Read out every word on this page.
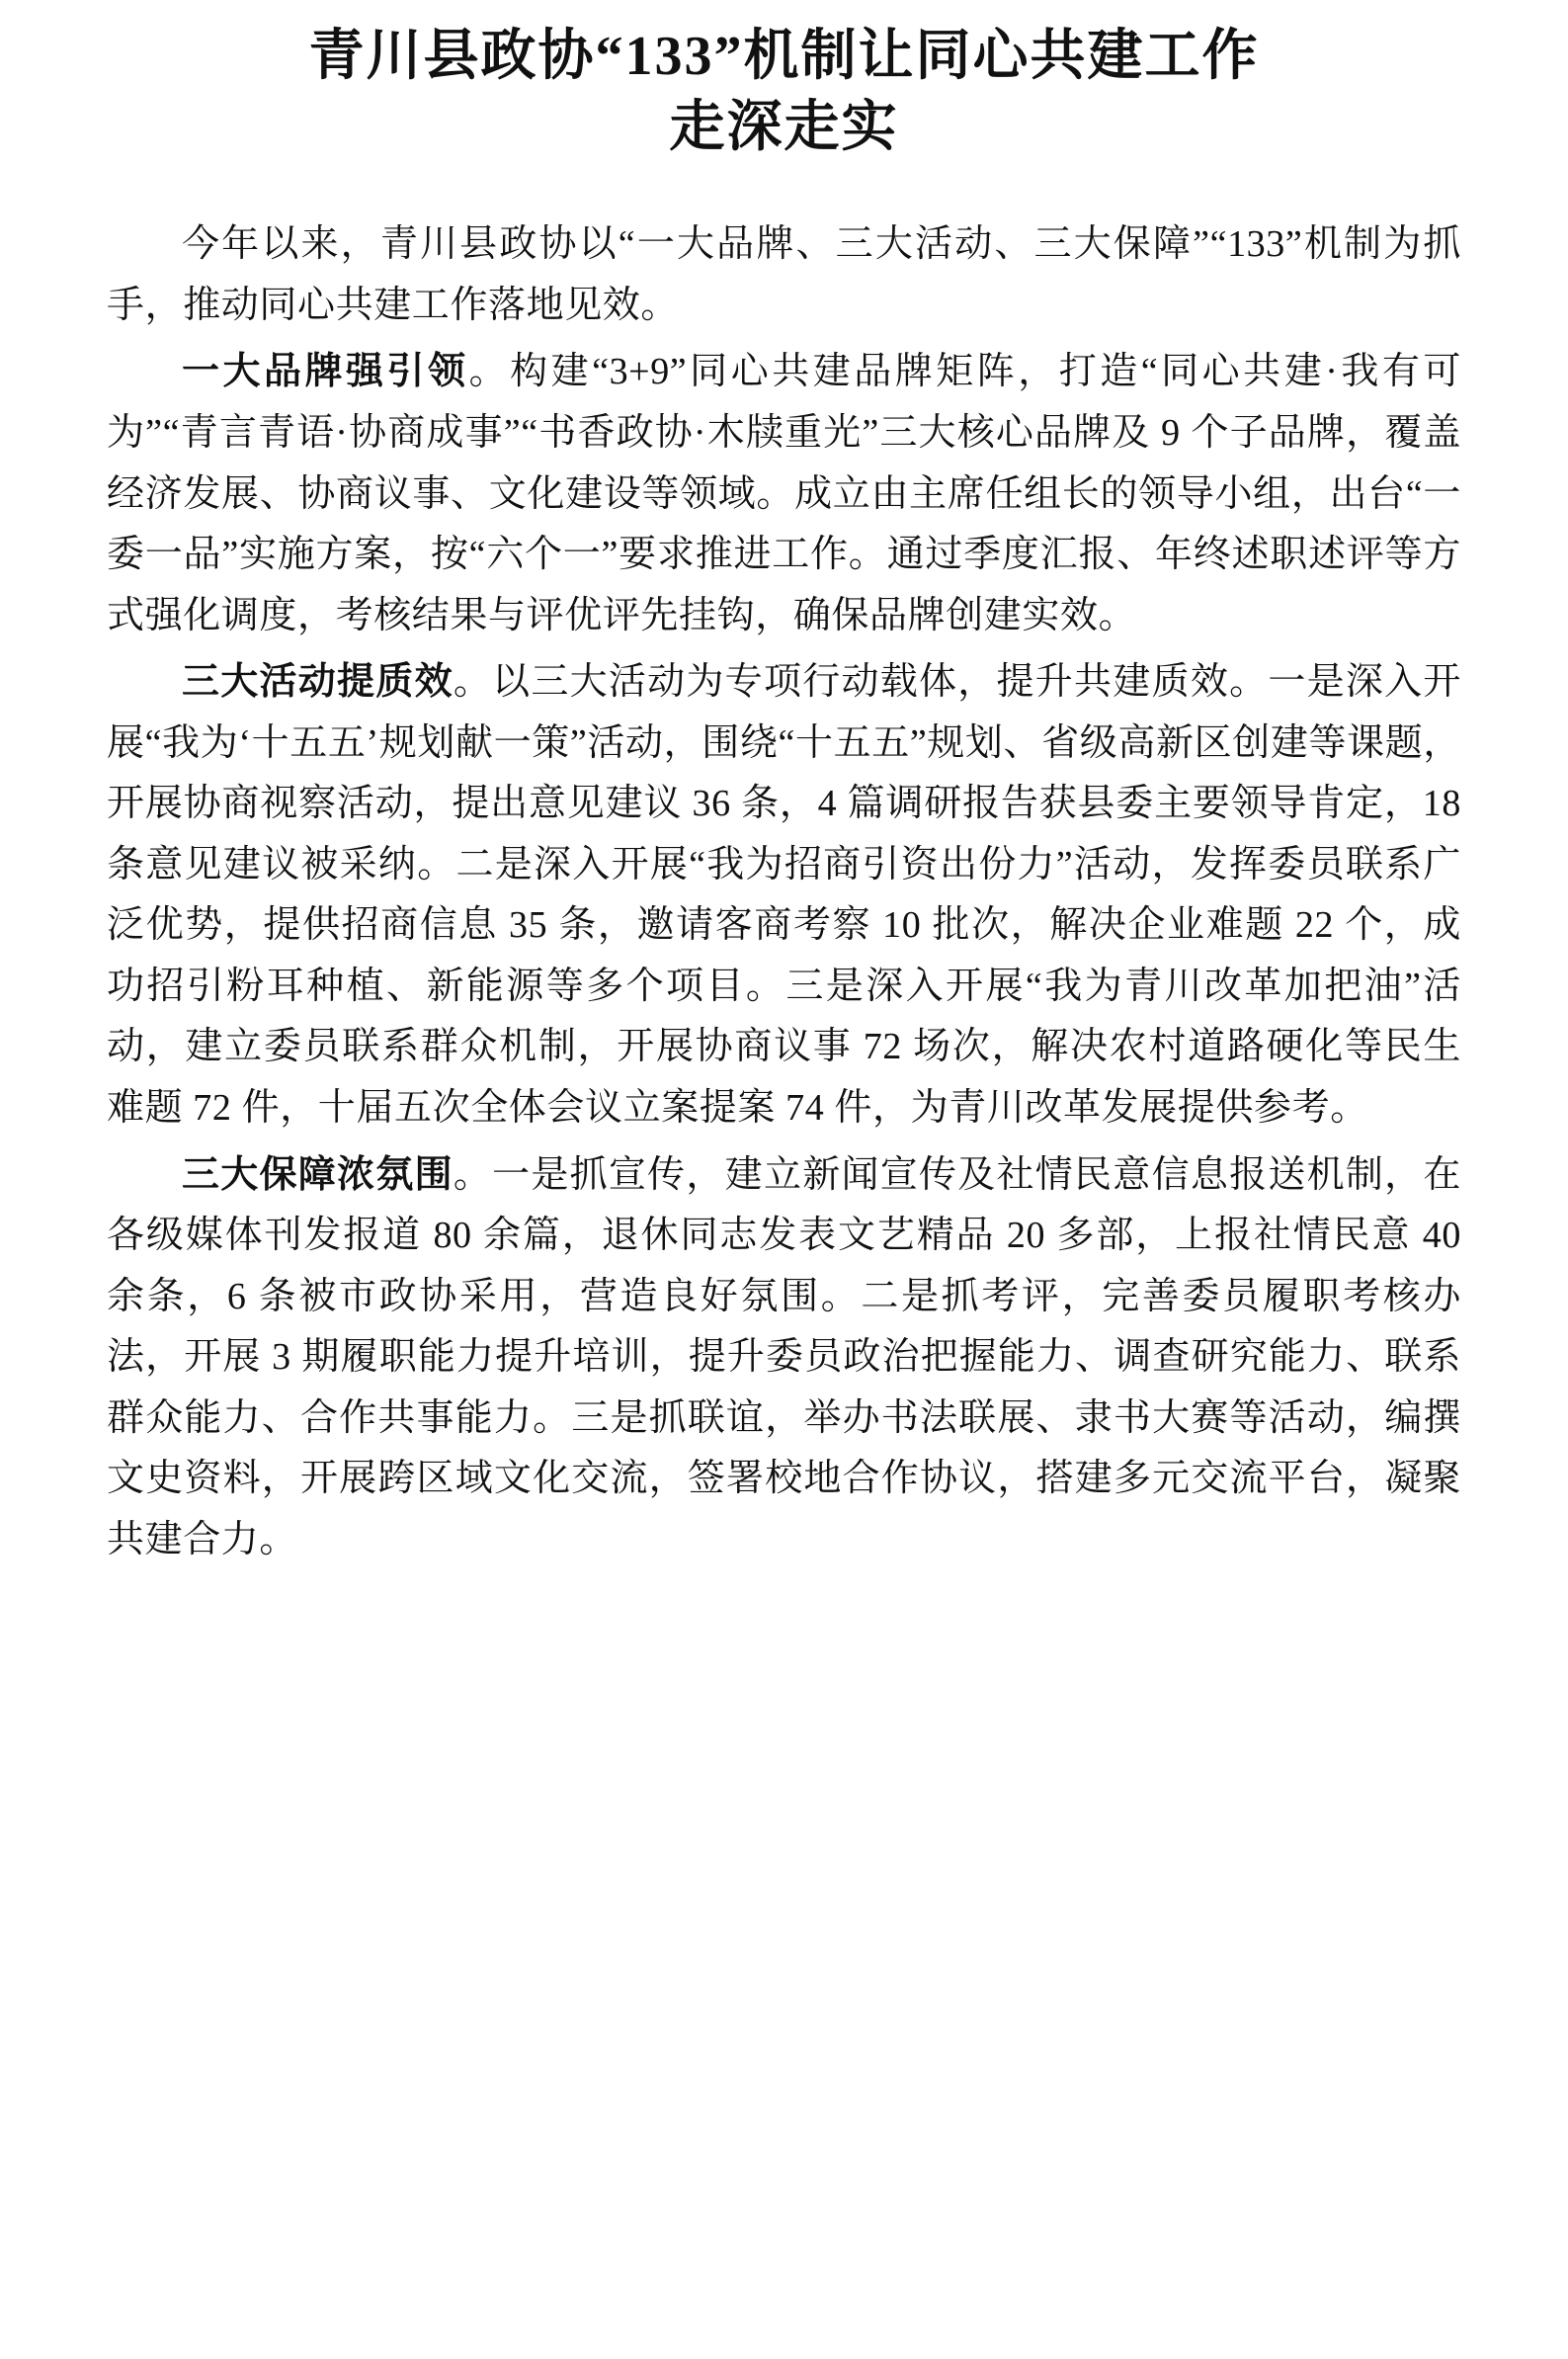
青川县政协“133”机制让同心共建工作
走深走实

今年以来，青川县政协以“一大品牌、三大活动、三大保障”“133”机制为抓手，推动同心共建工作落地见效。

一大品牌强引领。构建“3+9”同心共建品牌矩阵，打造“同心共建·我有可为”“青言青语·协商成事”“书香政协·木牍重光”三大核心品牌及 9 个子品牌，覆盖经济发展、协商议事、文化建设等领域。成立由主席任组长的领导小组，出台“一委一品”实施方案，按“六个一”要求推进工作。通过季度汇报、年终述职述评等方式强化调度，考核结果与评优评先挂钩，确保品牌创建实效。

三大活动提质效。以三大活动为专项行动载体，提升共建质效。一是深入开展“我为‘十五五’规划献一策”活动，围绕“十五五”规划、省级高新区创建等课题，开展协商视察活动，提出意见建议 36 条，4 篇调研报告获县委主要领导肯定，18 条意见建议被采纳。二是深入开展“我为招商引资出份力”活动，发挥委员联系广泛优势，提供招商信息 35 条，邀请客商考察 10 批次，解决企业难题 22 个，成功招引粉耳种植、新能源等多个项目。三是深入开展“我为青川改革加把油”活动，建立委员联系群众机制，开展协商议事 72 场次，解决农村道路硬化等民生难题 72 件，十届五次全体会议立案提案 74 件，为青川改革发展提供参考。

三大保障浓氛围。一是抓宣传，建立新闻宣传及社情民意信息报送机制，在各级媒体刊发报道 80 余篇，退休同志发表文艺精品 20 多部，上报社情民意 40 余条，6 条被市政协采用，营造良好氛围。二是抓考评，完善委员履职考核办法，开展 3 期履职能力提升培训，提升委员政治把握能力、调查研究能力、联系群众能力、合作共事能力。三是抓联谊，举办书法联展、隶书大赛等活动，编撰文史资料，开展跨区域文化交流，签署校地合作协议，搭建多元交流平台，凝聚共建合力。
